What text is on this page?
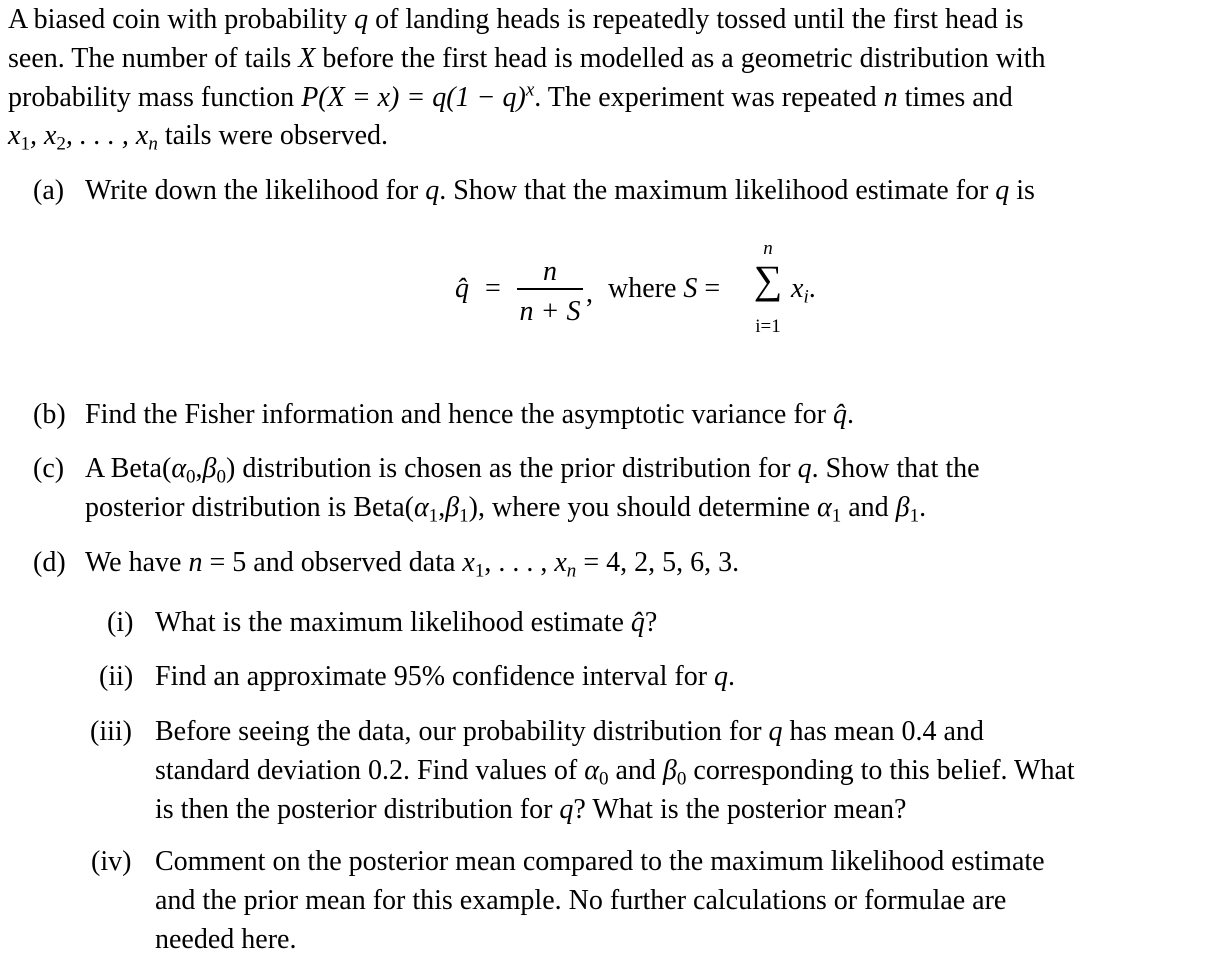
A biased coin with probability q of landing heads is repeatedly tossed until the first head is
seen. The number of tails X before the first head is modelled as a geometric distribution with
probability mass function $P(X = x) = q(1 - q)^x$. The experiment was repeated n times and
$x_1$, $x_2$, . . . , $x_n$ tails were observed.
(a) Write down the likelihood for q. Show that the maximum likelihood estimate for q is
q̂ =
n
n + S
, where S =
n
∑
i=1
$x_i$.
(b) Find the Fisher information and hence the asymptotic variance for q̂.
(c) A $Beta(\alpha_0,\beta_0)$ distribution is chosen as the prior distribution for q. Show that the
posterior distribution is $Beta(\alpha_1,\beta_1)$, where you should determine $\alpha_1$ and $\beta_1$.
(d) We have n = 5 and observed data $x_1$, . . . , $x_n = 4$, 2, 5, 6, 3.
(i) What is the maximum likelihood estimate q̂?
(ii) Find an approximate 95% confidence interval for q.
(iii) Before seeing the data, our probability distribution for q has mean 0.4 and
standard deviation 0.2. Find values of $\alpha_0$ and $\beta_0$ corresponding to this belief. What
is then the posterior distribution for q? What is the posterior mean?
(iv) Comment on the posterior mean compared to the maximum likelihood estimate
and the prior mean for this example. No further calculations or formulae are
needed here.
